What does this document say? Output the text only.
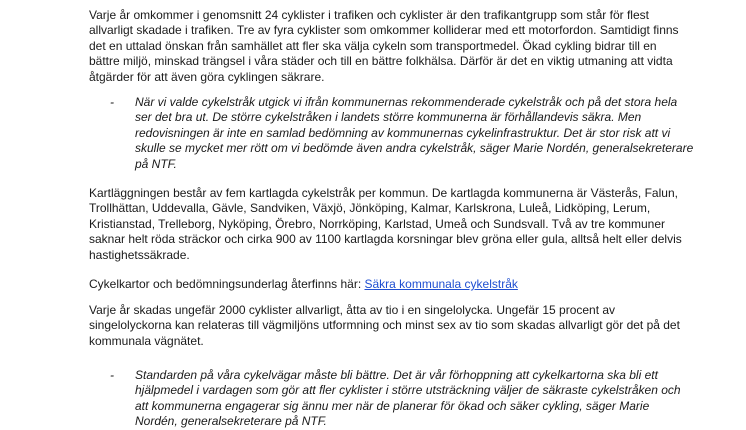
Varje år omkommer i genomsnitt 24 cyklister i trafiken och cyklister är den trafikantgrupp som står för flest allvarligt skadade i trafiken. Tre av fyra cyklister som omkommer kolliderar med ett motorfordon. Samtidigt finns det en uttalad önskan från samhället att fler ska välja cykeln som transportmedel. Ökad cykling bidrar till en bättre miljö, minskad trängsel i våra städer och till en bättre folkhälsa. Därför är det en viktig utmaning att vidta åtgärder för att även göra cyklingen säkrare.

- När vi valde cykelstråk utgick vi ifrån kommunernas rekommenderade cykelstråk och på det stora hela ser det bra ut. De större cykelstråken i landets större kommunerna är förhållandevis säkra. Men redovisningen är inte en samlad bedömning av kommunernas cykelinfrastruktur. Det är stor risk att vi skulle se mycket mer rött om vi bedömde även andra cykelstråk, säger Marie Nordén, generalsekreterare på NTF.

Kartläggningen består av fem kartlagda cykelstråk per kommun. De kartlagda kommunerna är Västerås, Falun, Trollhättan, Uddevalla, Gävle, Sandviken, Växjö, Jönköping, Kalmar, Karlskrona, Luleå, Lidköping, Lerum, Kristianstad, Trelleborg, Nyköping, Örebro, Norrköping, Karlstad, Umeå och Sundsvall. Två av tre kommuner saknar helt röda sträckor och cirka 900 av 1100 kartlagda korsningar blev gröna eller gula, alltså helt eller delvis hastighetssäkrade.

Cykelkartor och bedömningsunderlag återfinns här: Säkra kommunala cykelstråk

Varje år skadas ungefär 2000 cyklister allvarligt, åtta av tio i en singelolycka. Ungefär 15 procent av singelolyckorna kan relateras till vägmiljöns utformning och minst sex av tio som skadas allvarligt gör det på det kommunala vägnätet.

- Standarden på våra cykelvägar måste bli bättre. Det är vår förhoppning att cykelkartorna ska bli ett hjälpmedel i vardagen som gör att fler cyklister i större utsträckning väljer de säkraste cykelstråken och att kommunerna engagerar sig ännu mer när de planerar för ökad och säker cykling, säger Marie Nordén, generalsekreterare på NTF.
